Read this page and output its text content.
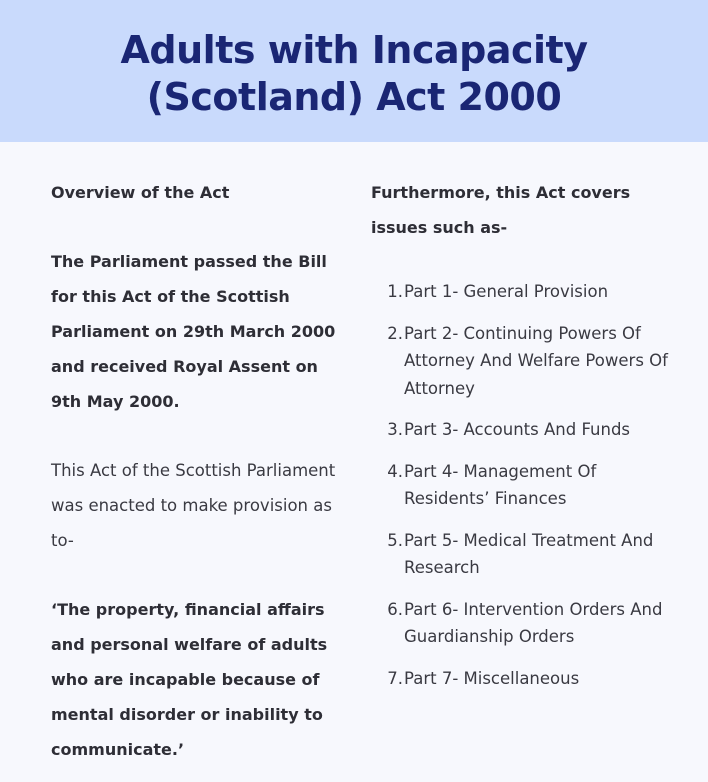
Adults with Incapacity
(Scotland) Act 2000

Overview of the Act

The Parliament passed the Bill for this Act of the Scottish Parliament on 29th March 2000 and received Royal Assent on 9th May 2000.

This Act of the Scottish Parliament was enacted to make provision as to-

‘The property, financial affairs and personal welfare of adults who are incapable because of mental disorder or inability to communicate.’

Furthermore, this Act covers issues such as-

1. Part 1- General Provision
2. Part 2- Continuing Powers Of Attorney And Welfare Powers Of Attorney
3. Part 3- Accounts And Funds
4. Part 4- Management Of Residents’ Finances
5. Part 5- Medical Treatment And Research
6. Part 6- Intervention Orders And Guardianship Orders
7. Part 7- Miscellaneous
